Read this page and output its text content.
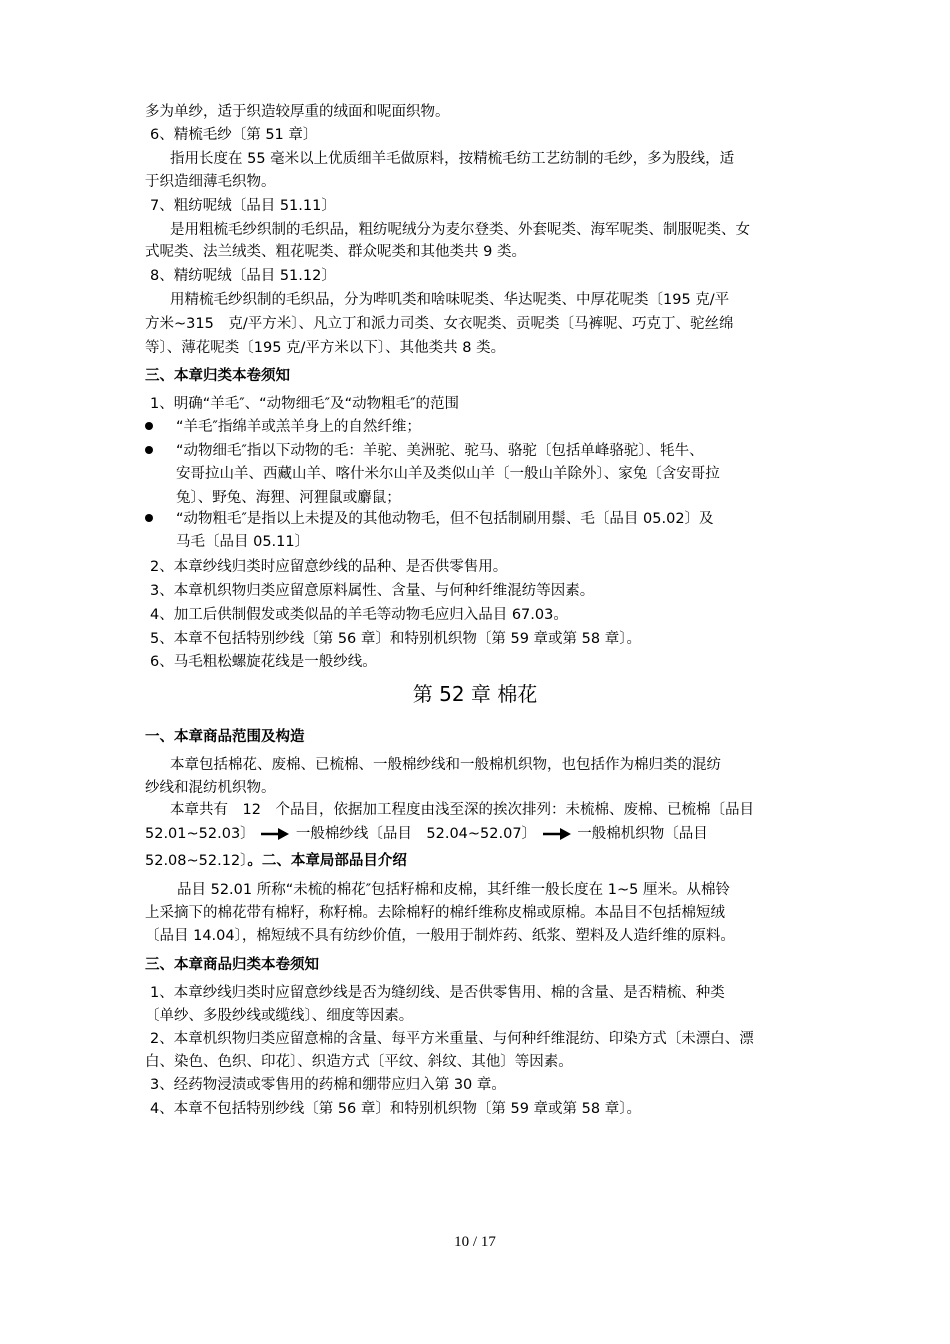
多为单纱，适于织造较厚重的绒面和呢面织物。
6、精梳毛纱〔第 51 章〕
指用长度在 55 毫米以上优质细羊毛做原料，按精梳毛纺工艺纺制的毛纱，多为股线，适
于织造细薄毛织物。
7、粗纺呢绒〔品目 51.11〕
是用粗梳毛纱织制的毛织品，粗纺呢绒分为麦尔登类、外套呢类、海军呢类、制服呢类、女
式呢类、法兰绒类、粗花呢类、群众呢类和其他类共 9 类。
8、精纺呢绒〔品目 51.12〕
用精梳毛纱织制的毛织品，分为哔叽类和啥味呢类、华达呢类、中厚花呢类〔195 克/平
方米~315　克/平方米〕、凡立丁和派力司类、女衣呢类、贡呢类〔马裤呢、巧克丁、驼丝绵
等〕、薄花呢类〔195 克/平方米以下〕、其他类共 8 类。
三、本章归类本卷须知
1、明确“羊毛″、“动物细毛″及“动物粗毛″的范围
“羊毛″指绵羊或羔羊身上的自然纤维；
“动物细毛″指以下动物的毛：羊驼、美洲驼、驼马、骆驼〔包括单峰骆驼〕、牦牛、
安哥拉山羊、西藏山羊、喀什米尔山羊及类似山羊〔一般山羊除外〕、家兔〔含安哥拉
兔〕、野兔、海狸、河狸鼠或麝鼠；
“动物粗毛″是指以上未提及的其他动物毛，但不包括制刷用鬃、毛〔品目 05.02〕及
马毛〔品目 05.11〕
2、本章纱线归类时应留意纱线的品种、是否供零售用。
3、本章机织物归类应留意原料属性、含量、与何种纤维混纺等因素。
4、加工后供制假发或类似品的羊毛等动物毛应归入品目 67.03。
5、本章不包括特别纱线〔第 56 章〕和特别机织物〔第 59 章或第 58 章〕。
6、马毛粗松螺旋花线是一般纱线。
第 52 章 棉花
一、本章商品范围及构造
本章包括棉花、废棉、已梳棉、一般棉纱线和一般棉机织物，也包括作为棉归类的混纺
纱线和混纺机织物。
本章共有　12　个品目，依据加工程度由浅至深的挨次排列：未梳棉、废棉、已梳棉〔品目
52.01~52.03〕	一般棉纱线〔品目　52.04~52.07〕	一般棉机织物〔品目
52.08~52.12〕。二、本章局部品目介绍
品目 52.01 所称“未梳的棉花″包括籽棉和皮棉，其纤维一般长度在 1~5 厘米。从棉铃
上采摘下的棉花带有棉籽，称籽棉。去除棉籽的棉纤维称皮棉或原棉。本品目不包括棉短绒
〔品目 14.04〕，棉短绒不具有纺纱价值，一般用于制炸药、纸浆、塑料及人造纤维的原料。
三、本章商品归类本卷须知
1、本章纱线归类时应留意纱线是否为缝纫线、是否供零售用、棉的含量、是否精梳、种类
〔单纱、多股纱线或缆线〕、细度等因素。
2、本章机织物归类应留意棉的含量、每平方米重量、与何种纤维混纺、印染方式〔未漂白、漂
白、染色、色织、印花〕、织造方式〔平纹、斜纹、其他〕等因素。
3、经药物浸渍或零售用的药棉和绷带应归入第 30 章。
4、本章不包括特别纱线〔第 56 章〕和特别机织物〔第 59 章或第 58 章〕。
10 / 17
